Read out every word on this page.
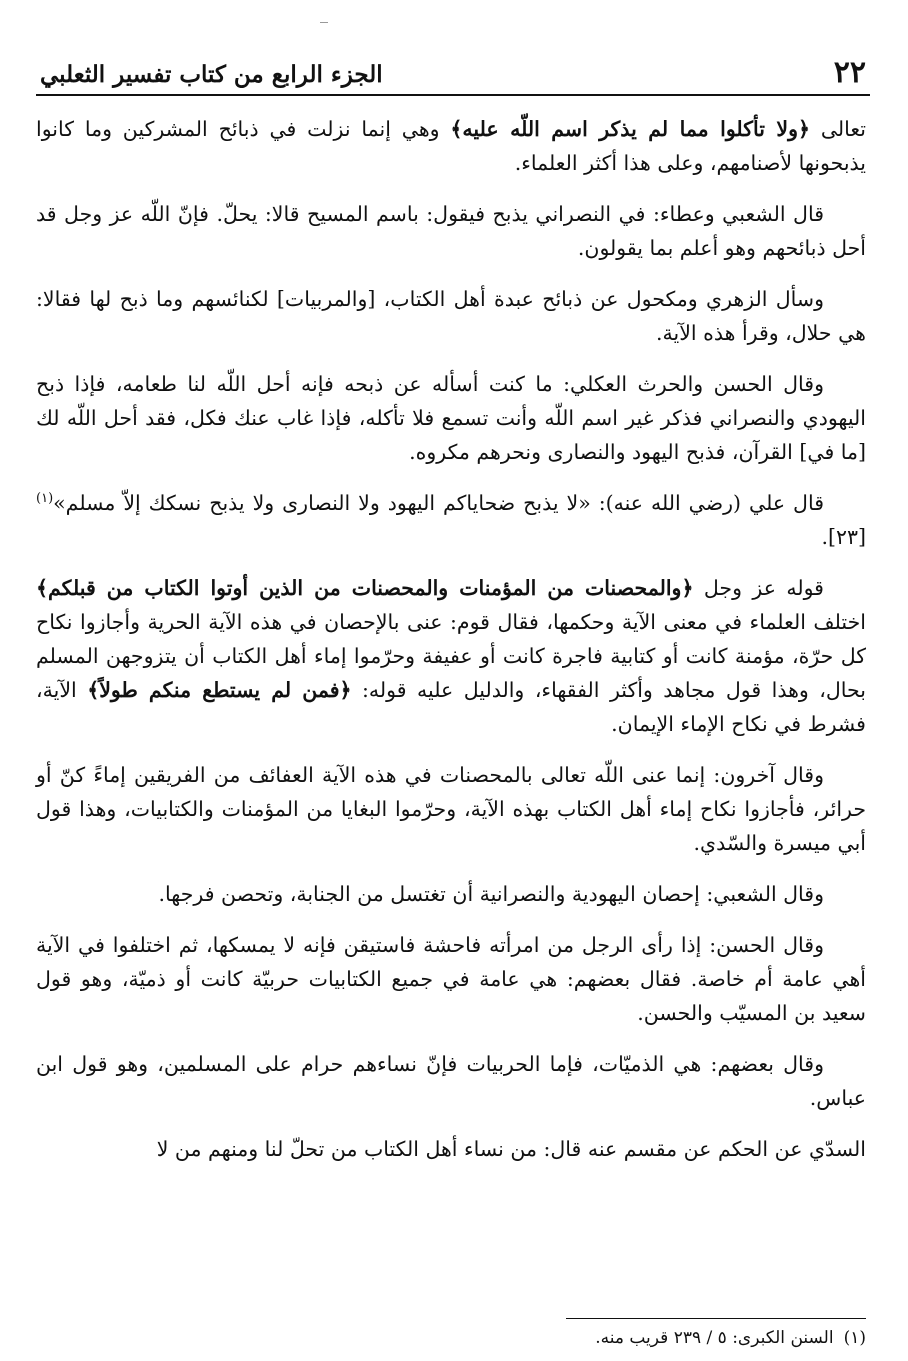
٢٢
الجزء الرابع من كتاب تفسير الثعلبي

تعالى ﴿ولا تأكلوا مما لم يذكر اسم اللّه عليه﴾ وهي إنما نزلت في ذبائح المشركين وما كانوا يذبحونها لأصنامهم، وعلى هذا أكثر العلماء.

قال الشعبي وعطاء: في النصراني يذبح فيقول: باسم المسيح قالا: يحلّ. فإنّ اللّه عز وجل قد أحل ذبائحهم وهو أعلم بما يقولون.

وسأل الزهري ومكحول عن ذبائح عبدة أهل الكتاب، [والمربيات] لكنائسهم وما ذبح لها فقالا: هي حلال، وقرأ هذه الآية.

وقال الحسن والحرث العكلي: ما كنت أسأله عن ذبحه فإنه أحل اللّه لنا طعامه، فإذا ذبح اليهودي والنصراني فذكر غير اسم اللّه وأنت تسمع فلا تأكله، فإذا غاب عنك فكل، فقد أحل اللّه لك [ما في] القرآن، فذبح اليهود والنصارى ونحرهم مكروه.

قال علي (رضي الله عنه): «لا يذبح ضحاياكم اليهود ولا النصارى ولا يذبح نسكك إلاّ مسلم»$^{(١)}$ [٢٣].

قوله عز وجل ﴿والمحصنات من المؤمنات والمحصنات من الذين أوتوا الكتاب من قبلكم﴾ اختلف العلماء في معنى الآية وحكمها، فقال قوم: عنى بالإحصان في هذه الآية الحرية وأجازوا نكاح كل حرّة، مؤمنة كانت أو كتابية فاجرة كانت أو عفيفة وحرّموا إماء أهل الكتاب أن يتزوجهن المسلم بحال، وهذا قول مجاهد وأكثر الفقهاء، والدليل عليه قوله: ﴿فمن لم يستطع منكم طولاً﴾ الآية، فشرط في نكاح الإماء الإيمان.

وقال آخرون: إنما عنى اللّه تعالى بالمحصنات في هذه الآية العفائف من الفريقين إماءً كنّ أو حرائر، فأجازوا نكاح إماء أهل الكتاب بهذه الآية، وحرّموا البغايا من المؤمنات والكتابيات، وهذا قول أبي ميسرة والسّدي.

وقال الشعبي: إحصان اليهودية والنصرانية أن تغتسل من الجنابة، وتحصن فرجها.

وقال الحسن: إذا رأى الرجل من امرأته فاحشة فاستيقن فإنه لا يمسكها، ثم اختلفوا في الآية أهي عامة أم خاصة. فقال بعضهم: هي عامة في جميع الكتابيات حربيّة كانت أو ذميّة، وهو قول سعيد بن المسيّب والحسن.

وقال بعضهم: هي الذميّات، فإما الحربيات فإنّ نساءهم حرام على المسلمين، وهو قول ابن عباس.

السدّي عن الحكم عن مقسم عنه قال: من نساء أهل الكتاب من تحلّ لنا ومنهم من لا

(١)السنن الكبرى: ٥ / ٢٣٩ قريب منه.
